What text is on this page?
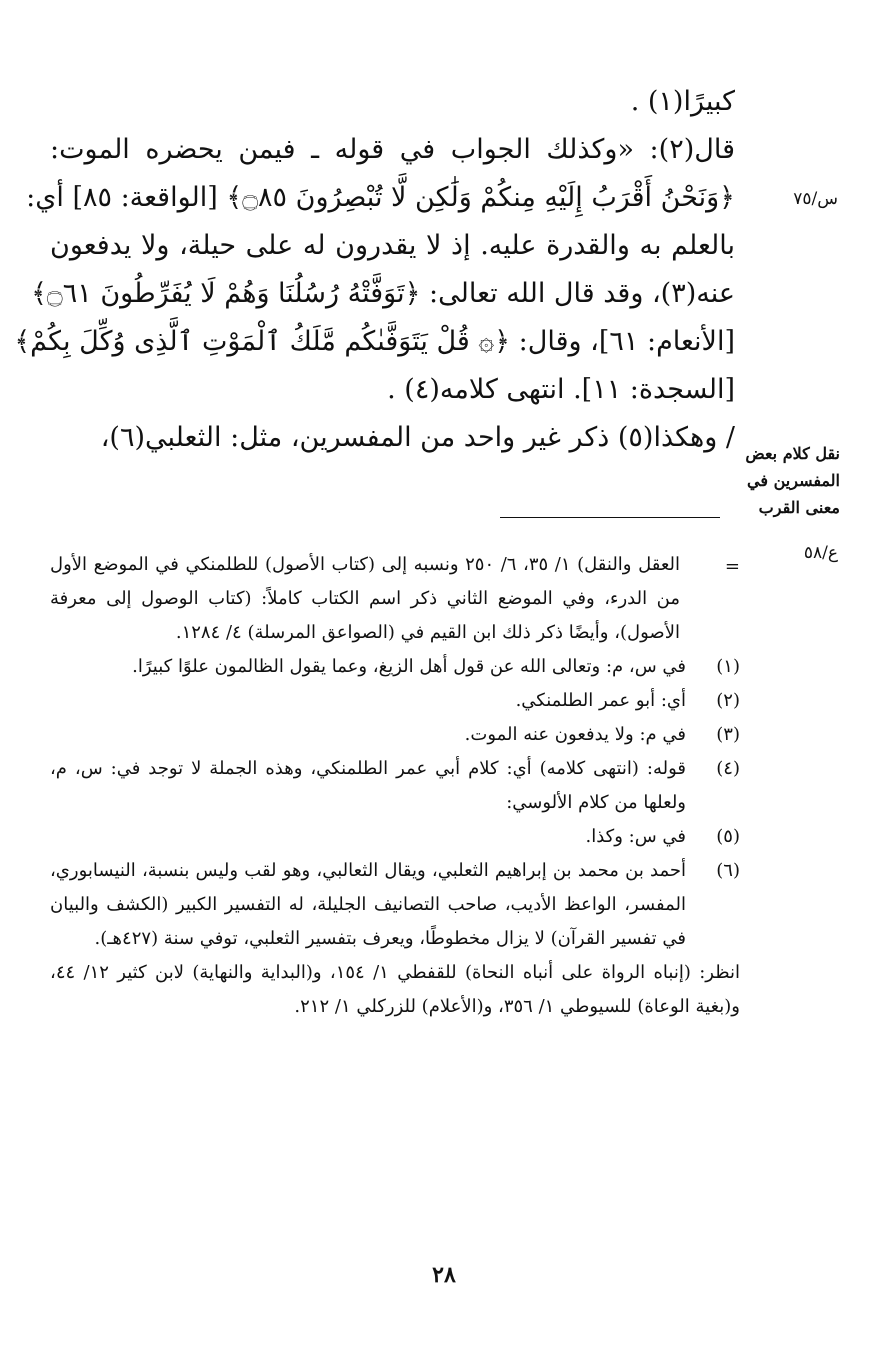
كبيرًا(١) .
قال(٢): «وكذلك الجواب في قوله ـ فيمن يحضره الموت:
﴿وَنَحْنُ أَقْرَبُ إِلَيْهِ مِنكُمْ وَلَٰكِن لَّا تُبْصِرُونَ ۝٨٥﴾ [الواقعة: ٨٥] أي:
بالعلم به والقدرة عليه. إذ لا يقدرون له على حيلة، ولا يدفعون
عنه(٣)، وقد قال الله تعالى: ﴿تَوَفَّتْهُ رُسُلُنَا وَهُمْ لَا يُفَرِّطُونَ ۝٦١﴾
[الأنعام: ٦١]، وقال: ﴿۞ قُلْ يَتَوَفَّىٰكُم مَّلَكُ ٱلْمَوْتِ ٱلَّذِى وُكِّلَ بِكُمْ﴾
[السجدة: ١١]. انتهى كلامه(٤) .
/ وهكذا(٥) ذكر غير واحد من المفسرين، مثل: الثعلبي(٦)،
س/٧٥
نقل كلام بعض
المفسرين في
معنى القرب
ع/٥٨
=
العقل والنقل) ١/ ٣٥، ٦/ ٢٥٠ ونسبه إلى (كتاب الأصول) للطلمنكي في الموضع الأول من الدرء، وفي الموضع الثاني ذكر اسم الكتاب كاملاً: (كتاب الوصول إلى معرفة الأصول)، وأيضًا ذكر ذلك ابن القيم في (الصواعق المرسلة) ٤/ ١٢٨٤.
(١)
في س، م: وتعالى الله عن قول أهل الزيغ، وعما يقول الظالمون علوًا كبيرًا.
(٢)
أي: أبو عمر الطلمنكي.
(٣)
في م: ولا يدفعون عنه الموت.
(٤)
قوله: (انتهى كلامه) أي: كلام أبي عمر الطلمنكي، وهذه الجملة لا توجد في: س، م، ولعلها من كلام الألوسي:
(٥)
في س: وكذا.
(٦)
أحمد بن محمد بن إبراهيم الثعلبي، ويقال الثعالبي، وهو لقب وليس بنسبة، النيسابوري، المفسر، الواعظ الأديب، صاحب التصانيف الجليلة، له التفسير الكبير (الكشف والبيان في تفسير القرآن) لا يزال مخطوطًا، ويعرف بتفسير الثعلبي، توفي سنة (٤٢٧هـ).
انظر: (إنباه الرواة على أنباه النحاة) للقفطي ١/ ١٥٤، و(البداية والنهاية) لابن كثير ١٢/ ٤٤، و(بغية الوعاة) للسيوطي ١/ ٣٥٦، و(الأعلام) للزركلي ١/ ٢١٢.
٢٨
